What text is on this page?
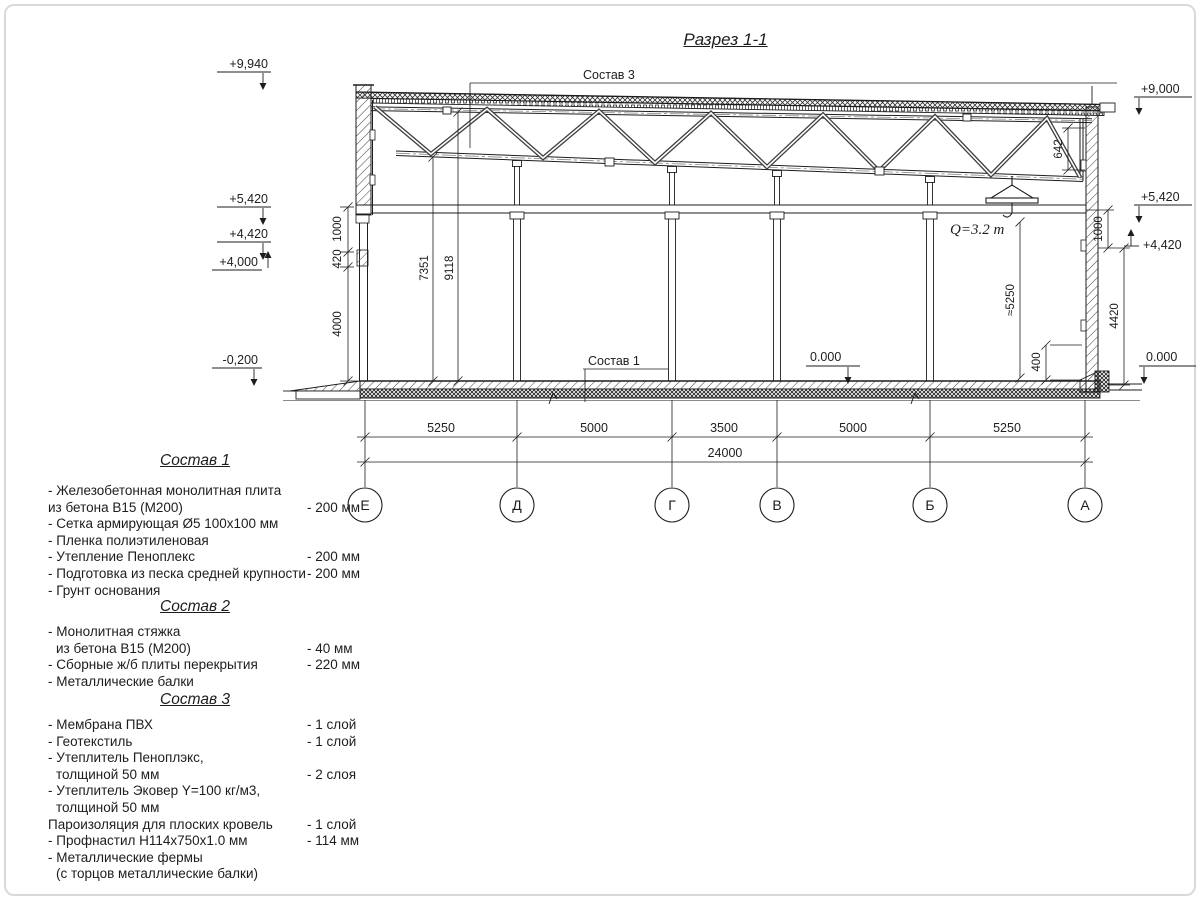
Разрез 1-1
Q=3.2 т
1000
420
4000
7351 9118
642
≈5250
400
1000
4420
5250	5000	3500	5000	5250
24000
Е	Д	Г	В	Б	А
+9,940
+5,420
+4,420
+4,000
-0,200
+9,000
+5,420
+4,420
0.000
0.000
Состав 3
Состав 1
Состав 1
- Железобетонная монолитная плита
из бетона В15 (М200)	- 200 мм
- Сетка армирующая Ø5 100х100 мм
- Пленка полиэтиленовая
- Утепление Пеноплекс	- 200 мм
- Подготовка из песка средней крупности - 200 мм
- Грунт основания
Состав 2
- Монолитная стяжка
из бетона В15 (М200)	- 40 мм
- Сборные ж/б плиты перекрытия	- 220 мм
- Металлические балки
Состав 3
- Мембрана ПВХ	- 1 слой
- Геотекстиль	- 1 слой
- Утеплитель Пеноплэкс,
толщиной 50 мм	- 2 слоя
- Утеплитель Эковер Y=100 кг/м3,
толщиной 50 мм
Пароизоляция для плоских кровель	- 1 слой
- Профнастил Н114х750х1.0 мм	- 114 мм
- Металлические фермы
(с торцов металлические балки)
